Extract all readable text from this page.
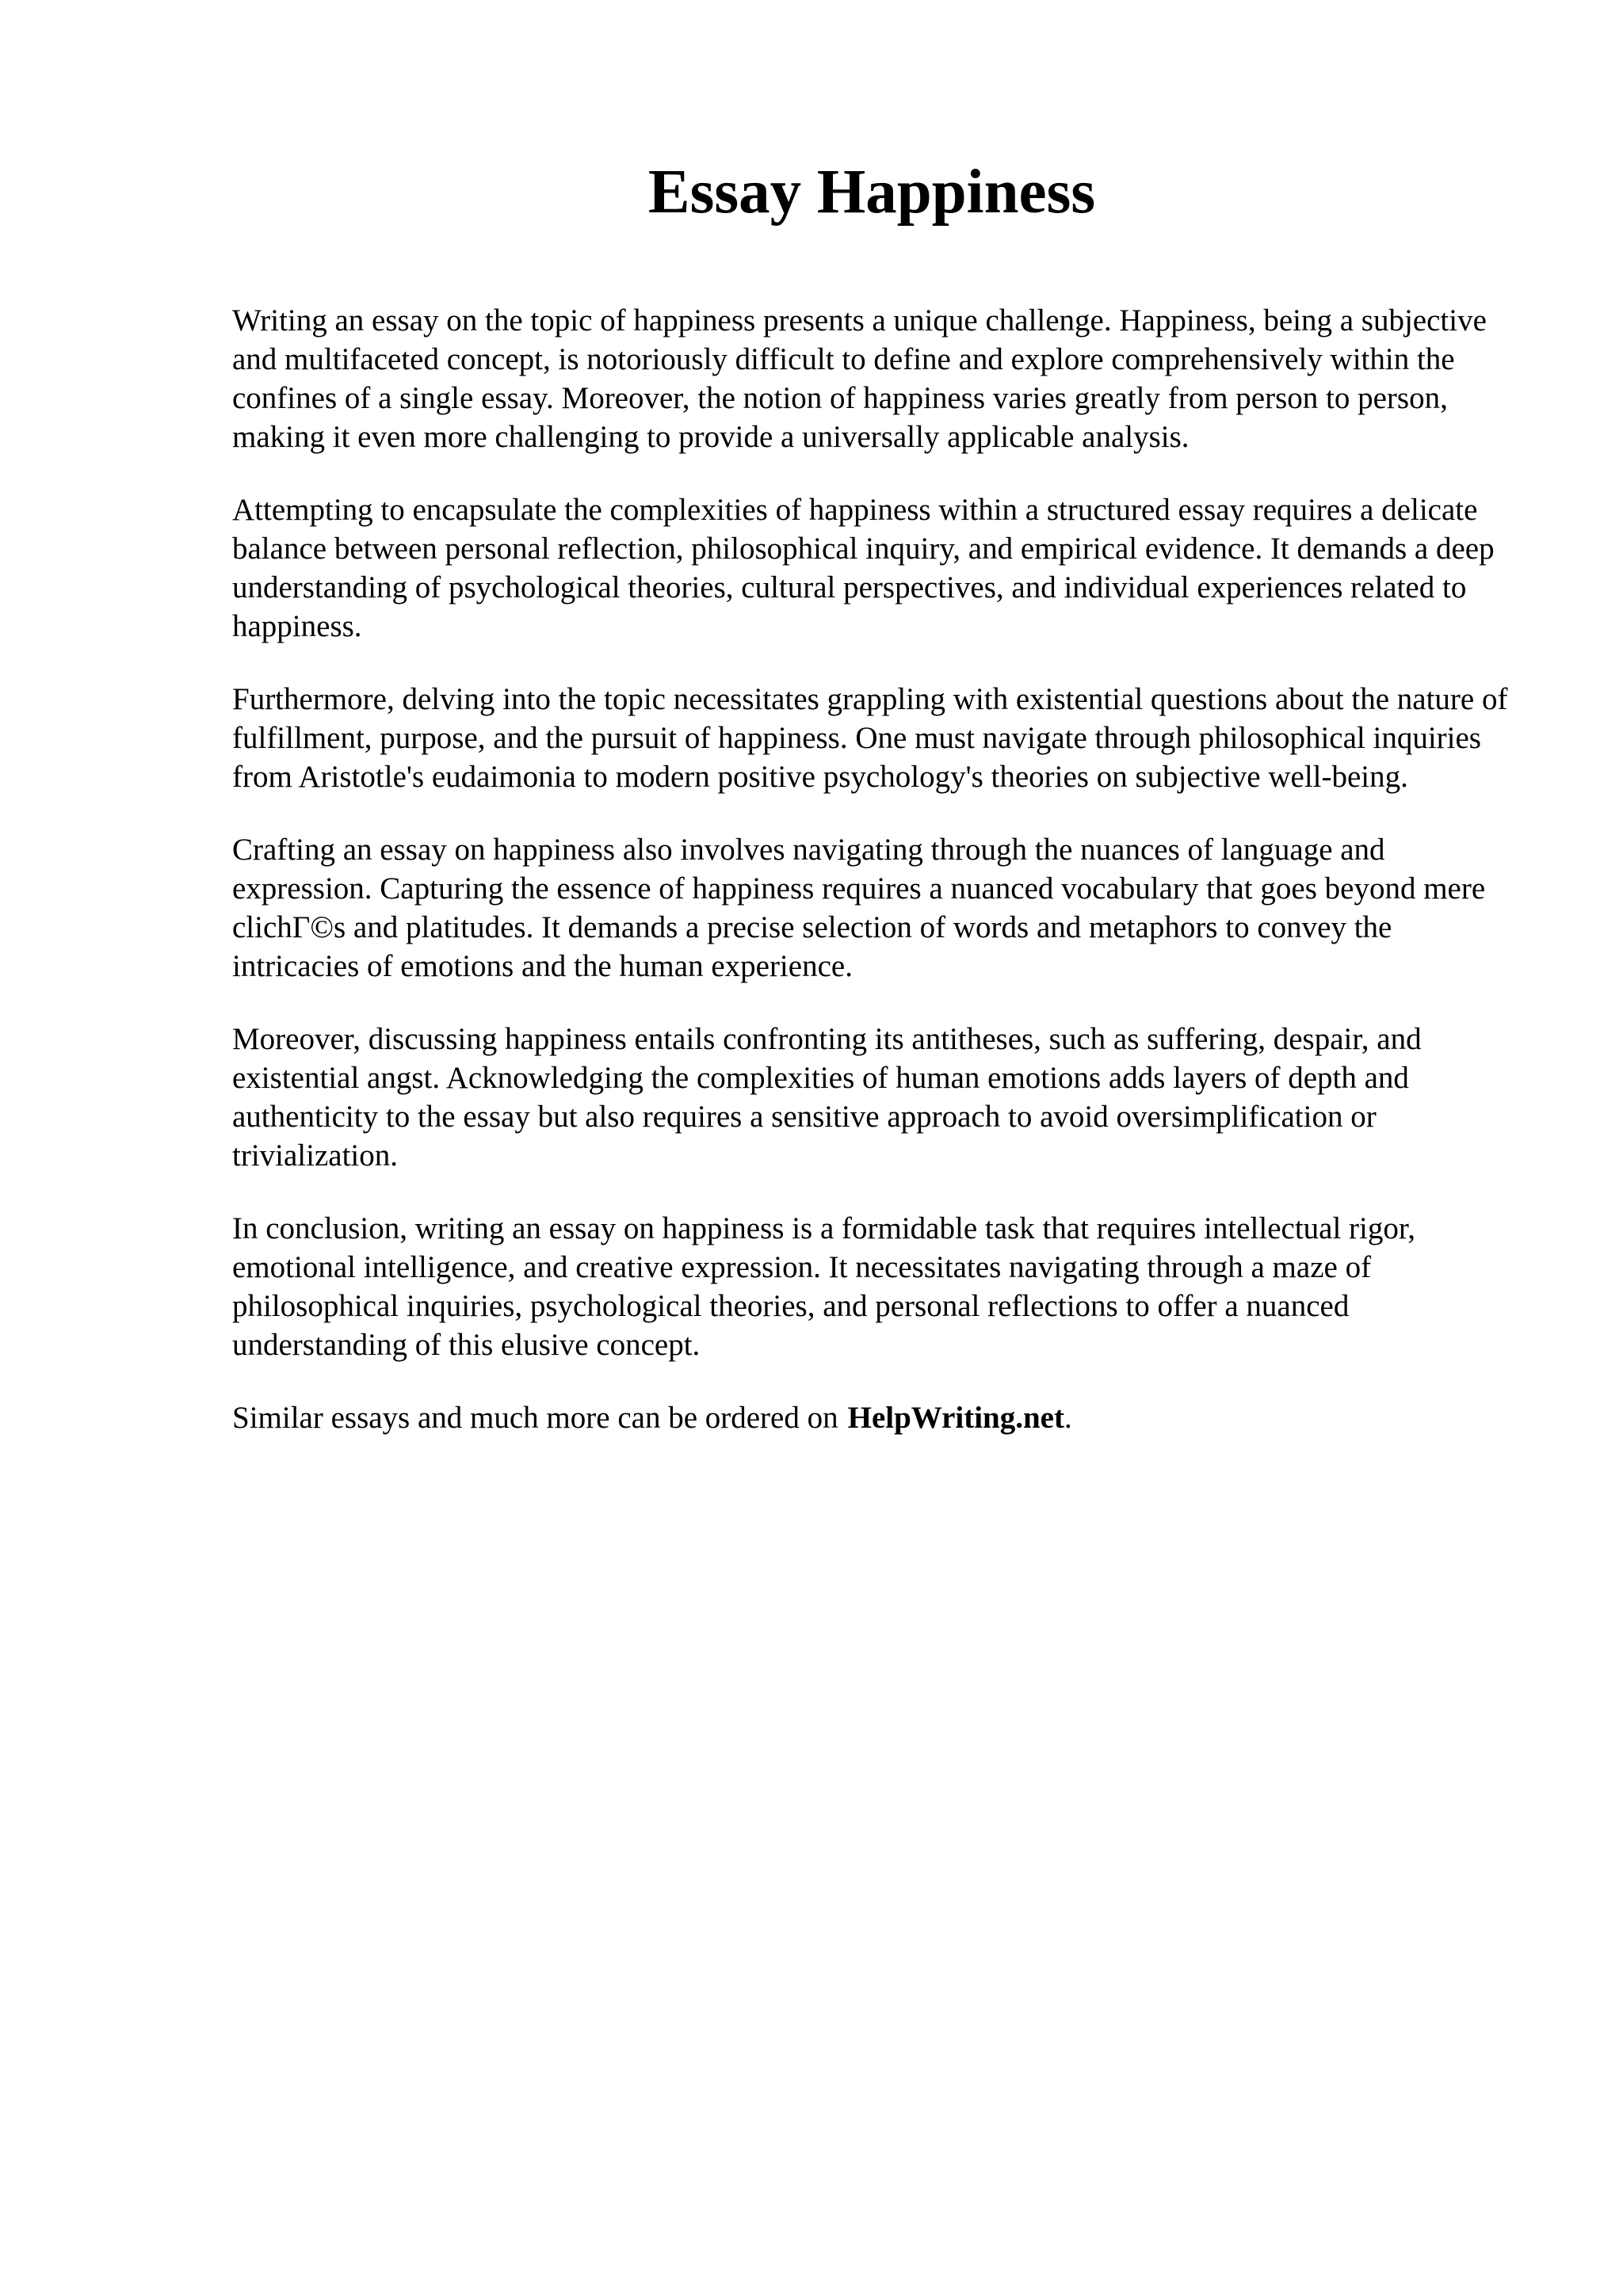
Essay Happiness

Writing an essay on the topic of happiness presents a unique challenge. Happiness, being a subjective and multifaceted concept, is notoriously difficult to define and explore comprehensively within the confines of a single essay. Moreover, the notion of happiness varies greatly from person to person, making it even more challenging to provide a universally applicable analysis.

Attempting to encapsulate the complexities of happiness within a structured essay requires a delicate balance between personal reflection, philosophical inquiry, and empirical evidence. It demands a deep understanding of psychological theories, cultural perspectives, and individual experiences related to happiness.

Furthermore, delving into the topic necessitates grappling with existential questions about the nature of fulfillment, purpose, and the pursuit of happiness. One must navigate through philosophical inquiries from Aristotle's eudaimonia to modern positive psychology's theories on subjective well-being.

Crafting an essay on happiness also involves navigating through the nuances of language and expression. Capturing the essence of happiness requires a nuanced vocabulary that goes beyond mere clichΓ©s and platitudes. It demands a precise selection of words and metaphors to convey the intricacies of emotions and the human experience.

Moreover, discussing happiness entails confronting its antitheses, such as suffering, despair, and existential angst. Acknowledging the complexities of human emotions adds layers of depth and authenticity to the essay but also requires a sensitive approach to avoid oversimplification or trivialization.

In conclusion, writing an essay on happiness is a formidable task that requires intellectual rigor, emotional intelligence, and creative expression. It necessitates navigating through a maze of philosophical inquiries, psychological theories, and personal reflections to offer a nuanced understanding of this elusive concept.

Similar essays and much more can be ordered on HelpWriting.net.
